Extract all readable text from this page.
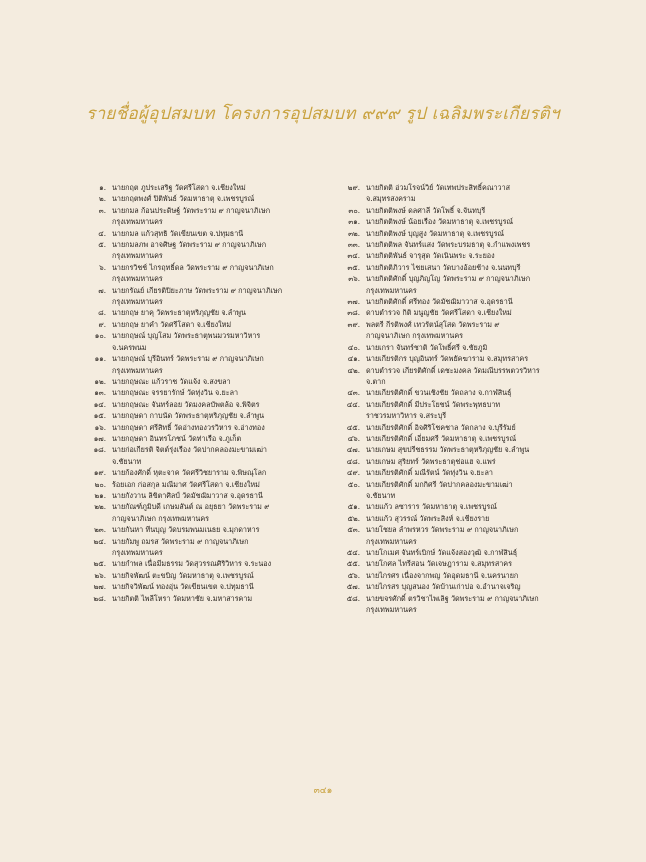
รายชื่อผู้อุปสมบท โครงการอุปสมบท ๙๙๙ รูป เฉลิมพระเกียรติฯ
๑. นายกฤต ภูประเสริฐ วัดศรีโสดา จ.เชียงใหม่
๒. นายกฤตพงศ์ ปิติพันธ์ วัดมหาธาตุ จ.เพชรบูรณ์
๓. นายกมล ก้อนประดิษฐ์ วัดพระราม ๙ กาญจนาภิเษก
กรุงเทพมหานคร
๔. นายกมล แก้วสุทธิ วัดเขียนเขต จ.ปทุมธานี
๕. นายกมลภพ อาจศิษฐ วัดพระราม ๙ กาญจนาภิเษก
กรุงเทพมหานคร
๖. นายกรวิชช์ ไกรฤทธิ์ดล วัดพระราม ๙ กาญจนาภิเษก
กรุงเทพมหานคร
๗. นายกรัณย์ เกียรติปิยะภาษ วัดพระราม ๙ กาญจนาภิเษก
กรุงเทพมหานคร
๘. นายกฤษ ยาคุ วัดพระธาตุหริภุญชัย จ.ลำพูน
๙. นายกฤษ ยาคำ วัดศรีโสดา จ.เชียงใหม่
๑๐. นายกฤษณ์ บุญโสม วัดพระธาตุพนมวรมหาวิหาร
จ.นครพนม
๑๑. นายกฤษณ์ บุรีอินทร์ วัดพระราม ๙ กาญจนาภิเษก
กรุงเทพมหานคร
๑๒. นายกฤษณะ แก้วราช วัดแจ้ง จ.สงขลา
๑๓. นายกฤษณะ จรรยารักษ์ วัดทุ่งวิน จ.ยะลา
๑๔. นายกฤษณะ จันทร์ลอย วัดมงคลบัพตล้อ จ.พิจิตร
๑๕. นายกฤษดา กาบนัด วัดพระธาตุหริภุญชัย จ.ลำพูน
๑๖. นายกฤษดา ศรีสิทธิ์ วัดอ่างทองวรวิหาร จ.อ่างทอง
๑๗. นายกฤษดา อินทรโภชน์ วัดท่าเรือ จ.ภูเก็ต
๑๘. นายก่อเกียรติ จิตต์รุ่งเรือง วัดปากคลองมะขามเฒ่า
จ.ชัยนาท
๑๙. นายก้องศักดิ์ หุตะจาค วัดศรีวิชยาราม จ.พิษณุโลก
๒๐. ร้อยเอก ก่อสกุล มณีมาศ วัดศรีโสดา จ.เชียงใหม่
๒๑. นายกังวาน ลิขิตาศิลป์ วัดมัชฌิมาวาส จ.อุดรธานี
๒๒. นายกัณฑ์ภูมิบดี เกษมสันต์ ณ อยุธยา วัดพระราม ๙
กาญจนาภิเษก กรุงเทพมหานคร
๒๓. นายกันหา ทีนบุญ วัดบรมพนมเนธย จ.มุกดาหาร
๒๔. นายกัมพู ถมรส วัดพระราม ๙ กาญจนาภิเษก
กรุงเทพมหานคร
๒๕. นายกำพล เนื่อมีมธรรม วัดสุวรรณศิริวิหาร จ.ระนอง
๒๖. นายกิจพัฒน์ ตะขบิญ วัดมหาธาตุ จ.เพชรบูรณ์
๒๗. นายกิจวิพัฒน์ ทองอุ่น วัดเขียนเขต จ.ปทุมธานี
๒๘. นายกิตติ ไพลีโหรา วัดมหาชัย จ.มหาสารคาม
๒๙. นายกิตติ อ่วมโรจน์วิย์ วัดเทพประสิทธิ์คณาวาส
จ.สมุทรสงคราม
๓๐. นายกิตติพงษ์ ดลศาลี วัดโพธิ์ จ.จันทบุรี
๓๑. นายกิตติพงษ์ น้อยเรือง วัดมหาธาตุ จ.เพชรบูรณ์
๓๒. นายกิตติพงษ์ บุญสูง วัดมหาธาตุ จ.เพชรบูรณ์
๓๓. นายกิตติพล จันทร์แสง วัดพระบรมธาตุ จ.กำแพงเพชร
๓๔. นายกิตติพันธ์ จารุสุด วัดเนินพระ จ.ระยอง
๓๕. นายกิตติภิวาร ไชยเสนา วัดบางอ้อยช้าง จ.นนทบุรี
๓๖. นายกิตติศักดิ์ บุญภิญโญ วัดพระราม ๙ กาญจนาภิเษก
กรุงเทพมหานคร
๓๗. นายกิตติศักดิ์ ศรีทอง วัดมัชฌิมาวาส จ.อุดรธานี
๓๘. ดาบตำรวจ กิติ มนูญชัย วัดศรีโสดา จ.เชียงใหม่
๓๙. พลตรี กีรติพงศ์ เทวรัตน์สุโสด วัดพระราม ๙
กาญจนาภิเษก กรุงเทพมหานคร
๔๐. นายเกรา จันทร์ชาติ วัดโพธิ์ศรี จ.ชัยภูมิ
๔๑. นายเกียรติกร บุญอินทร์ วัดพยัคฆาราม จ.สมุทรสาคร
๔๒. ดาบตำรวจ เกียรติศักดิ์ เดชะมงคล วัดมณีบรรพตวรวิหาร
จ.ตาก
๔๓. นายเกียรติศักดิ์ ขวนเชิงชัย วัดถลาง จ.กาฬสินธุ์
๔๔. นายเกียรติศักดิ์ มีประโยชน์ วัดพระพุทธบาท
ราชวรมหาวิหาร จ.สระบุรี
๔๕. นายเกียรติศักดิ์ อิจศิริโชคชาล วัดกลาง จ.บุรีรัมย์
๔๖. นายเกียรติศักดิ์ เอี่ยมศรี วัดมหาธาตุ จ.เพชรบูรณ์
๔๗. นายเกษม สุขปรีชธรรม วัดพระธาตุหริภุญชัย จ.ลำพูน
๔๘. นายเกษม สุริยทร์ วัดพระธาตุช่อแฮ จ.แพร่
๔๙. นายเกียรติศักดิ์ มณีรัตน์ วัดทุ่งวิน จ.ยะลา
๕๐. นายเกียรติศักดิ์ มกกิศรี วัดปากคลองมะขามเฒ่า
จ.ชัยนาท
๕๑. นายแก้ว ลซาราร วัดมหาธาตุ จ.เพชรบูรณ์
๕๒. นายแก้ว สุวรรณ์ วัดพระสิงห์ จ.เชียงราย
๕๓. นายโชยล ลำพรหวร วัดพระราม ๙ กาญจนาภิเษก
กรุงเทพมหานคร
๕๔. นายโกเมศ จันทร์เบิกษ์ วัดแจ้งสองวุฒิ จ.กาฬสินธุ์
๕๕. นายโกศล ไทรีสอน วัดเจษฎาราม จ.สมุทรสาคร
๕๖. นายไกรศร เนื่องจากพญ วัดอุดมธานี จ.นครนายก
๕๗. นายไกรสร บุญสนอง วัดบ้านเก่าปอ จ.อำนาจเจริญ
๕๘. นายขจรศักดิ์ ตรวิชาไพเลิฐ วัดพระราม ๙ กาญจนาภิเษก
กรุงเทพมหานคร
๓๔๑
